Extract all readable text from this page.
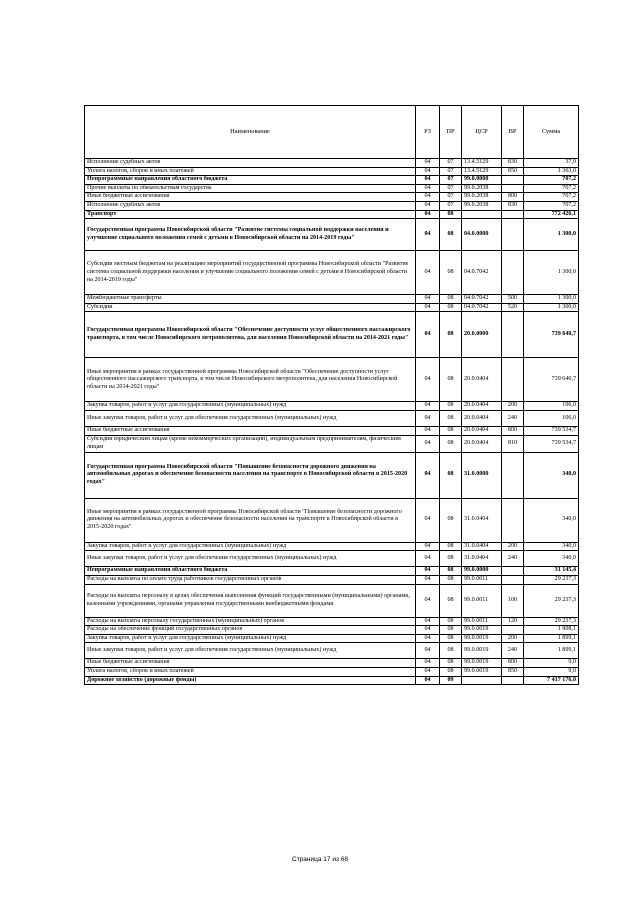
Наименование	РЗ	ПР	ЦСР	ВР	Сумма
Исполнение судебных актов	04	07	13.4.5129	830	37,0
Уплата налогов, сборов и иных платежей	04	07	13.4.5129	850	1 363,0
Непрограммные направления областного бюджета	04	07	99.0.0000		707,2
Прочие выплаты по обязательствам государства	04	07	99.0.2038		707,2
Иные бюджетные ассигнования	04	07	99.0.2038	800	707,2
Исполнение судебных актов	04	07	99.0.2038	830	707,2
Транспорт	04	08			772 426,1
Государственная программа Новосибирской области "Развитие системы социальной поддержки населения и улучшение социального положения семей с детьми в Новосибирской области на 2014-2019 годы"	04	08	04.0.0000		1 300,0
Субсидии местным бюджетам на реализацию мероприятий государственной программы Новосибирской области "Развитие системы социальной поддержки населения и улучшение социального положения семей с детьми в Новосибирской области на 2014-2019 годы"	04	08	04.0.7042		1 300,0
Межбюджетные трансферты	04	08	04.0.7042	500	1 300,0
Субсидии	04	08	04.0.7042	520	1 300,0
Государственная программа Новосибирской области "Обеспечение доступности услуг общественного пассажирского транспорта, в том числе Новосибирского метрополитена, для населения Новосибирской области на 2014-2021 годы"	04	08	20.0.0000		739 640,7
Иные мероприятия в рамках государственной программы Новосибирской области "Обеспечение доступности услуг общественного пассажирского транспорта, в том числе Новосибирского метрополитена, для населения Новосибирской области на 2014-2021 годы"	04	08	20.0.0404		739 640,7
Закупка товаров, работ и услуг для государственных (муниципальных) нужд	04	08	20.0.0404	200	106,0
Иные закупки товаров, работ и услуг для обеспечения государственных (муниципальных) нужд	04	08	20.0.0404	240	106,0
Иные бюджетные ассигнования	04	08	20.0.0404	800	739 534,7
Субсидии юридическим лицам (кроме некоммерческих организаций), индивидуальным предпринимателям, физическим лицам	04	08	20.0.0404	810	739 534,7
Государственная программа Новосибирской области "Повышение безопасности дорожного движения на автомобильных дорогах и обеспечение безопасности населения на транспорте в Новосибирской области в 2015-2020 годах"	04	08	31.0.0000		340,0
Иные мероприятия в рамках государственной программы Новосибирской области "Повышение безопасности дорожного движения на автомобильных дорогах и обеспечение безопасности населения на транспорте в Новосибирской области в 2015-2020 годах"	04	08	31.0.0404		340,0
Закупка товаров, работ и услуг для государственных (муниципальных) нужд	04	08	31.0.0404	200	340,0
Иные закупки товаров, работ и услуг для обеспечения государственных (муниципальных) нужд	04	08	31.0.0404	240	340,0
Непрограммные направления областного бюджета	04	08	99.0.0000		31 145,4
Расходы на выплаты по оплате труда работников государственных органов	04	08	99.0.0011		29 237,3
Расходы на выплаты персоналу в целях обеспечения выполнения функций государственными (муниципальными) органами, казенными учреждениями, органами управления государственными внебюджетными фондами	04	08	99.0.0011	100	29 237,3
Расходы на выплаты персоналу государственных (муниципальных) органов	04	08	99.0.0011	120	29 237,3
Расходы на обеспечение функций государственных органов	04	08	99.0.0019		1 908,1
Закупка товаров, работ и услуг для государственных (муниципальных) нужд	04	08	99.0.0019	200	1 899,1
Иные закупки товаров, работ и услуг для обеспечения государственных (муниципальных) нужд	04	08	99.0.0019	240	1 899,1
Иные бюджетные ассигнования	04	08	99.0.0019	800	9,0
Уплата налогов, сборов и иных платежей	04	08	99.0.0019	850	9,0
Дорожное хозяйство (дорожные фонды)	04	09			7 417 176,0
Страница 17 из 68
